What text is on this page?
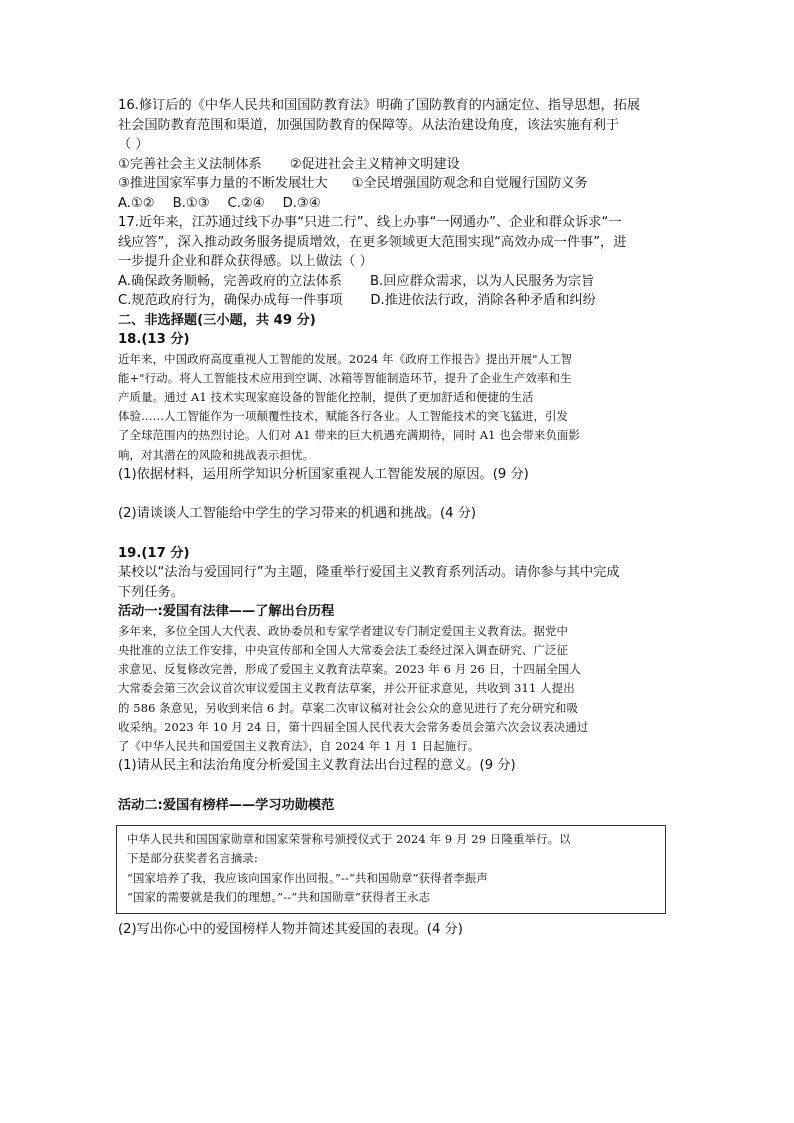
16.修订后的《中华人民共和国国防教育法》明确了国防教育的内涵定位、指导思想，拓展

社会国防教育范围和渠道，加强国防教育的保障等。从法治建设角度，该法实施有利于

（ ）

①完善社会主义法制体系 ②促进社会主义精神文明建设
③推进国家军事力量的不断发展壮大 ①全民增强国防观念和自觉履行国防义务
A.①② B.①③ C.②④ D.③④

17.近年来，江苏通过线下办事“只进二行”、线上办事“一网通办”、企业和群众诉求“一

线应答”，深入推动政务服务提质增效，在更多领域更大范围实现“高效办成一件事”，进

一步提升企业和群众获得感。以上做法（ ）

A.确保政务顺畅，完善政府的立法体系 B.回应群众需求，以为人民服务为宗旨
C.规范政府行为，确保办成每一件事项 D.推进依法行政，消除各种矛盾和纠纷

二、非选择题(三小题，共 49 分)

18.(13 分)

近年来，中国政府高度重视人工智能的发展。2024 年《政府工作报告》提出开展"人工智

能+"行动。将人工智能技术应用到空调、冰箱等智能制造环节，提升了企业生产效率和生

产质量。通过 A1 技术实现家庭设备的智能化控制，提供了更加舒适和便捷的生活

体验……人工智能作为一项颠覆性技术，赋能各行各业。人工智能技术的突飞猛进，引发

了全球范围内的热烈讨论。人们对 A1 带来的巨大机遇充满期待，同时 A1 也会带来负面影

响，对其潜在的风险和挑战表示担忧。

(1)依据材料，运用所学知识分析国家重视人工智能发展的原因。(9 分)

(2)请谈谈人工智能给中学生的学习带来的机遇和挑战。(4 分)

19.(17 分)

某校以“法治与爱国同行”为主题，隆重举行爱国主义教育系列活动。请你参与其中完成

下列任务。

活动一:爱国有法律——了解出台历程

多年来，多位全国人大代表、政协委员和专家学者建议专门制定爱国主义教育法。据党中

央批准的立法工作安排，中央宣传部和全国人大常委会法工委经过深入调查研究、广泛征

求意见、反复修改完善，形成了爱国主义教育法草案。2023 年 6 月 26 日，十四届全国人

大常委会第三次会议首次审议爱国主义教育法草案，并公开征求意见，共收到 311 人提出

的 586 条意见，另收到来信 6 封。草案二次审议稿对社会公众的意见进行了充分研究和吸

收采纳。2023 年 10 月 24 日，第十四届全国人民代表大会常务委员会第六次会议表决通过

了《中华人民共和国爱国主义教育法》，自 2024 年 1 月 1 日起施行。

(1)请从民主和法治角度分析爱国主义教育法出台过程的意义。(9 分)

活动二:爱国有榜样——学习功勋模范

中华人民共和国国家勋章和国家荣誉称号颁授仪式于 2024 年 9 月 29 日隆重举行。以

下是部分获奖者名言摘录:

“国家培养了我，我应该向国家作出回报。”--“共和国勋章”获得者李振声

“国家的需要就是我们的理想。”--“共和国勋章”获得者王永志

(2)写出你心中的爱国榜样人物并简述其爱国的表现。(4 分)
